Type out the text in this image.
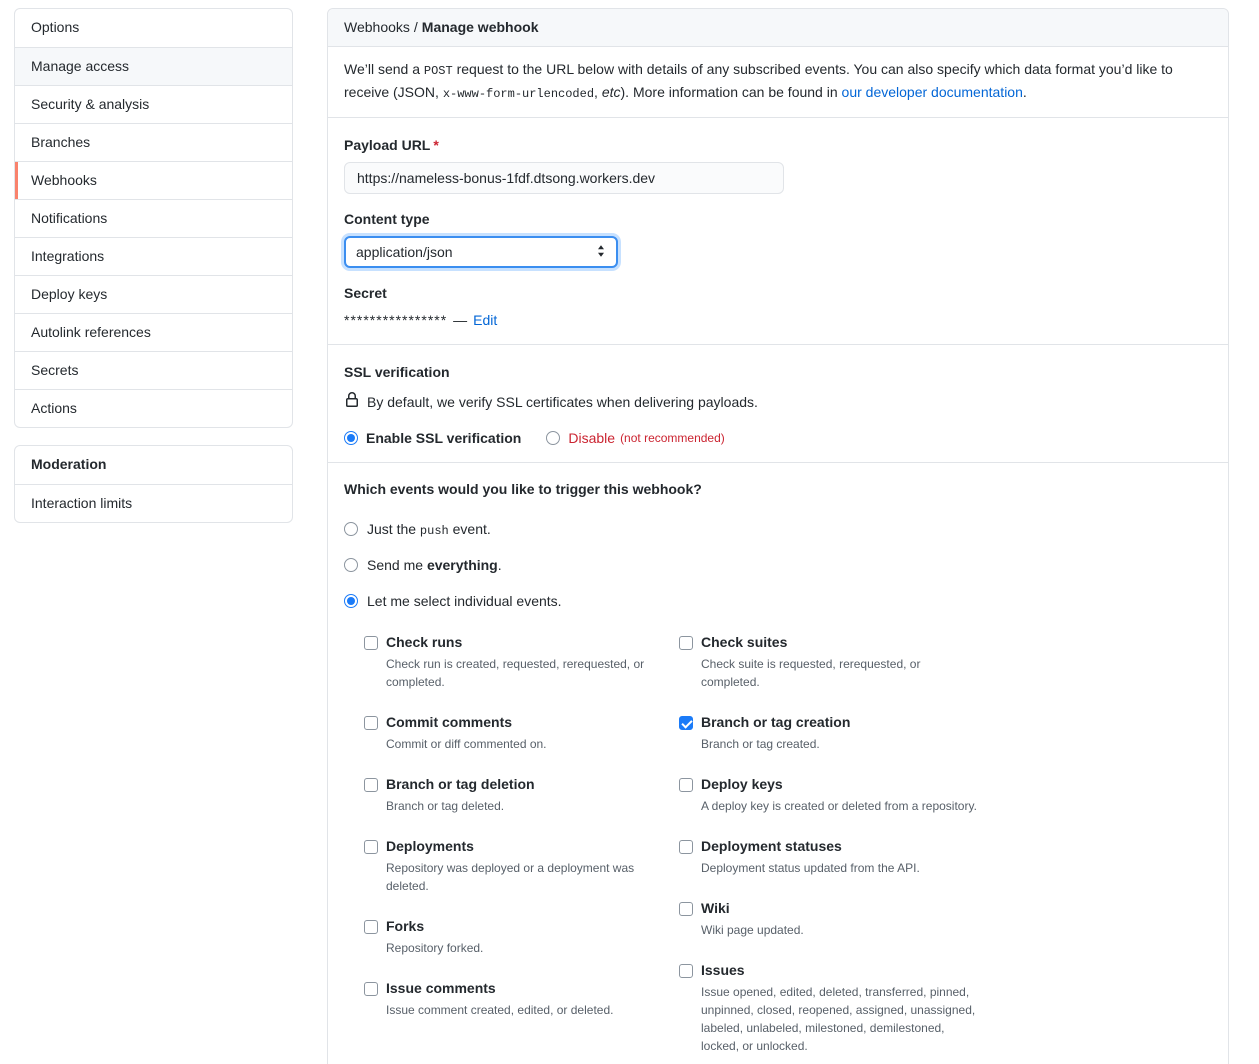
Options
Manage access
Security & analysis
Branches
Webhooks
Notifications
Integrations
Deploy keys
Autolink references
Secrets
Actions
Moderation
Interaction limits
Webhooks / Manage webhook

We’ll send a POST request to the URL below with details of any subscribed events. You can also specify which data format you’d like to receive (JSON, x-www-form-urlencoded, etc). More information can be found in our developer documentation.

Payload URL *
https://nameless-bonus-1fdf.dtsong.workers.dev
Content type
application/json
Secret
**************** — Edit
SSL verification
By default, we verify SSL certificates when delivering payloads.
Enable SSL verification	Disable (not recommended)
Which events would you like to trigger this webhook?
Just the push event.
Send me everything.
Let me select individual events.
Check runs

Check run is created, requested, rerequested, or completed.

Commit comments

Commit or diff commented on.

Branch or tag deletion

Branch or tag deleted.

Deployments

Repository was deployed or a deployment was deleted.

Forks

Repository forked.

Issue comments

Issue comment created, edited, or deleted.

Check suites

Check suite is requested, rerequested, or completed.

Branch or tag creation

Branch or tag created.

Deploy keys

A deploy key is created or deleted from a repository.

Deployment statuses

Deployment status updated from the API.

Wiki

Wiki page updated.

Issues

Issue opened, edited, deleted, transferred, pinned, unpinned, closed, reopened, assigned, unassigned, labeled, unlabeled, milestoned, demilestoned, locked, or unlocked.
